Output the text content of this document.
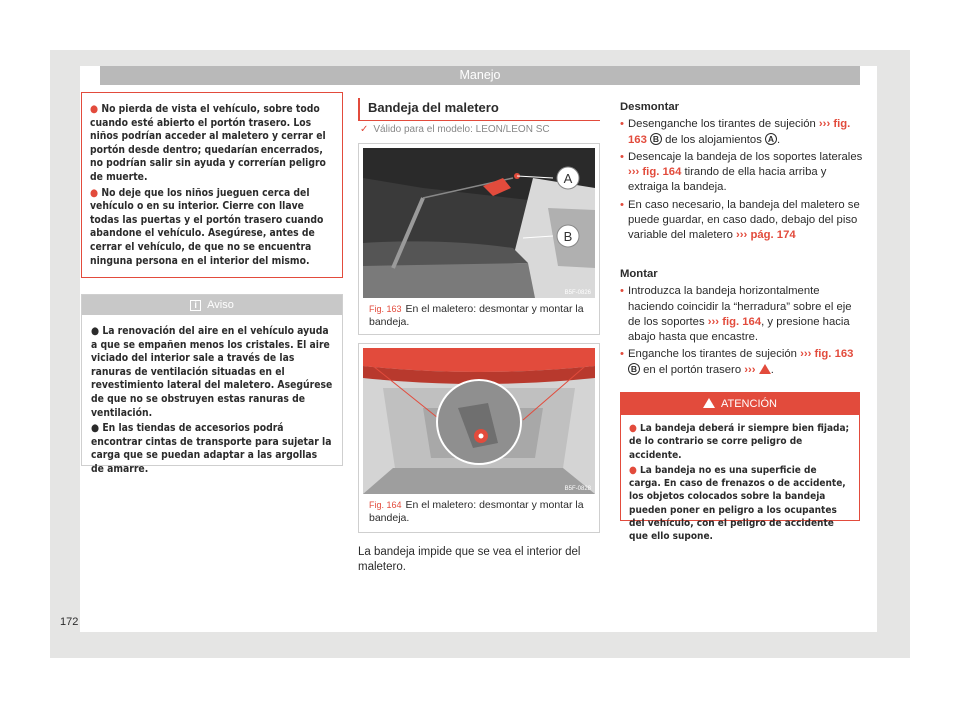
Manejo
● No pierda de vista el vehículo, sobre todo cuando esté abierto el portón trasero. Los niños podrían acceder al maletero y cerrar el portón desde dentro; quedarían encerrados, no podrían salir sin ayuda y correrían peligro de muerte.
● No deje que los niños jueguen cerca del vehículo o en su interior. Cierre con llave todas las puertas y el portón trasero cuando abandone el vehículo. Asegúrese, antes de cerrar el vehículo, de que no se encuentra ninguna persona en el interior del mismo.
i Aviso
● La renovación del aire en el vehículo ayuda a que se empañen menos los cristales. El aire viciado del interior sale a través de las ranuras de ventilación situadas en el revestimiento lateral del maletero. Asegúrese de que no se obstruyen estas ranuras de ventilación.
● En las tiendas de accesorios podrá encontrar cintas de transporte para sujetar la carga que se puedan adaptar a las argollas de amarre.
Bandeja del maletero
✓ Válido para el modelo: LEON/LEON SC
A
B
B5F-0826
Fig. 163 En el maletero: desmontar y montar la bandeja.
B5F-0828
Fig. 164 En el maletero: desmontar y montar la bandeja.
La bandeja impide que se vea el interior del maletero.
Desmontar
• Desenganche los tirantes de sujeción ››› fig. 163 B de los alojamientos A .
• Desencaje la bandeja de los soportes laterales ››› fig. 164 tirando de ella hacia arriba y extraiga la bandeja.
• En caso necesario, la bandeja del maletero se puede guardar, en caso dado, debajo del piso variable del maletero ››› pág. 174
Montar
• Introduzca la bandeja horizontalmente haciendo coincidir la “herradura” sobre el eje de los soportes ››› fig. 164, y presione hacia abajo hasta que encastre.
• Enganche los tirantes de sujeción ››› fig. 163 B en el portón trasero ››› .
ATENCIÓN
● La bandeja deberá ir siempre bien fijada; de lo contrario se corre peligro de accidente.
● La bandeja no es una superficie de carga. En caso de frenazos o de accidente, los objetos colocados sobre la bandeja pueden poner en peligro a los ocupantes del vehículo, con el peligro de accidente que ello supone.
172
